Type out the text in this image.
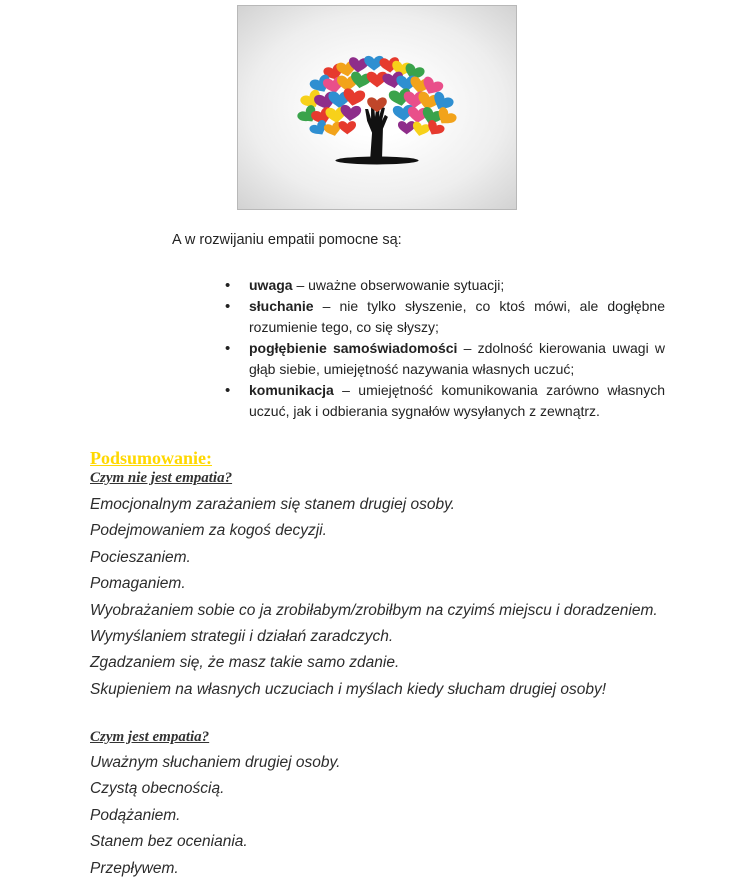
A w rozwijaniu empatii pomocne są:
• uwaga – uważne obserwowanie sytuacji;
• słuchanie – nie tylko słyszenie, co ktoś mówi, ale dogłębne rozumienie tego, co się słyszy;
• pogłębienie samoświadomości – zdolność kierowania uwagi w głąb siebie, umiejętność nazywania własnych uczuć;
• komunikacja – umiejętność komunikowania zarówno własnych uczuć, jak i odbierania sygnałów wysyłanych z zewnątrz.
Podsumowanie:
Czym nie jest empatia?
Emocjonalnym zarażaniem się stanem drugiej osoby.
Podejmowaniem za kogoś decyzji.
Pocieszaniem.
Pomaganiem.
Wyobrażaniem sobie co ja zrobiłabym/zrobiłbym na czyimś miejscu i doradzeniem.
Wymyślaniem strategii i działań zaradczych.
Zgadzaniem się, że masz takie samo zdanie.
Skupieniem na własnych uczuciach i myślach kiedy słucham drugiej osoby!
Czym jest empatia?
Uważnym słuchaniem drugiej osoby.
Czystą obecnością.
Podążaniem.
Stanem bez oceniania.
Przepływem.
